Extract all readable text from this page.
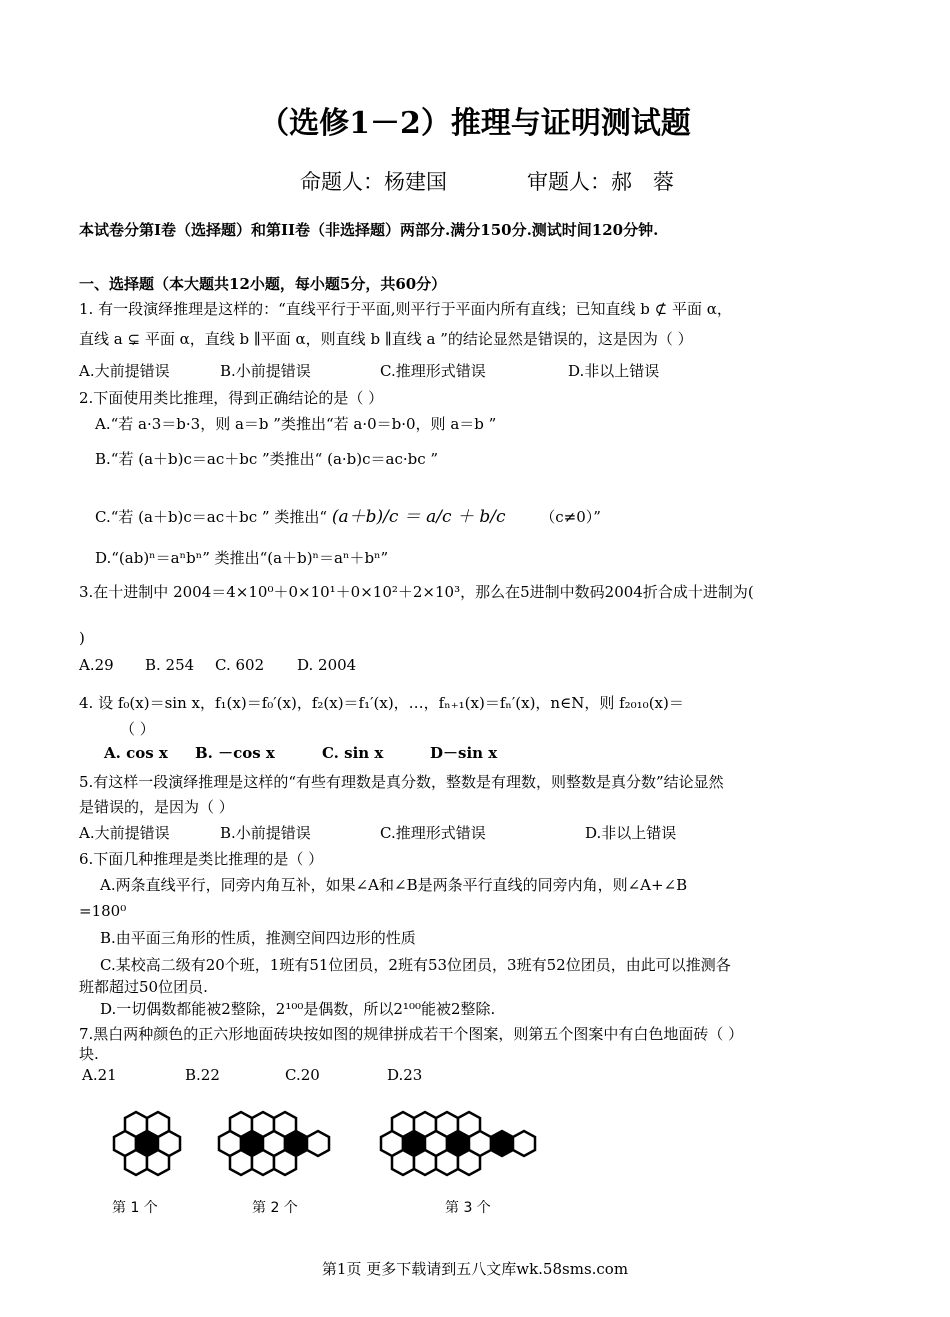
（选修1－2）推理与证明测试题
命题人：杨建国	审题人：郝　蓉
本试卷分第Ⅰ卷（选择题）和第II卷（非选择题）两部分.满分150分.测试时间120分钟.
一、选择题（本大题共12小题，每小题5分，共60分）
1. 有一段演绎推理是这样的：“直线平行于平面,则平行于平面内所有直线；已知直线 b ⊄ 平面 α，
直线 a ⊊ 平面 α，直线 b ∥平面 α，则直线 b ∥直线 a ”的结论显然是错误的，这是因为（ ）
A.大前提错误	B.小前提错误	C.推理形式错误	D.非以上错误
2.下面使用类比推理，得到正确结论的是（ ）
A.“若 a·3＝b·3，则 a＝b ”类推出“若 a·0＝b·0，则 a＝b ”
B.“若 (a＋b)c＝ac＋bc ”类推出“ (a·b)c＝ac·bc ”
C.“若 (a＋b)c＝ac＋bc ” 类推出“ (a＋b)/c ＝ a/c ＋ b/c （c≠0）”
D.“(ab)ⁿ＝aⁿbⁿ” 类推出“(a＋b)ⁿ＝aⁿ＋bⁿ”
3.在十进制中 2004＝4×10⁰＋0×10¹＋0×10²＋2×10³，那么在5进制中数码2004折合成十进制为(
)
A.29 B. 254 C. 602 D. 2004
4. 设 f₀(x)＝sin x，f₁(x)＝f₀′(x)，f₂(x)＝f₁′(x)，…，fₙ₊₁(x)＝fₙ′(x)，n∈N，则 f₂₀₁₀(x)＝
（ ）
A. cos x B. －cos x	C. sin x	D－sin x
5.有这样一段演绎推理是这样的“有些有理数是真分数，整数是有理数，则整数是真分数”结论显然
是错误的，是因为（ ）
A.大前提错误	B.小前提错误	C.推理形式错误	D.非以上错误
6.下面几种推理是类比推理的是（ ）
A.两条直线平行，同旁内角互补，如果∠A和∠B是两条平行直线的同旁内角，则∠A+∠B
=180⁰
B.由平面三角形的性质，推测空间四边形的性质
C.某校高二级有20个班，1班有51位团员，2班有53位团员，3班有52位团员，由此可以推测各
班都超过50位团员.
D.一切偶数都能被2整除，2¹⁰⁰是偶数，所以2¹⁰⁰能被2整除.
7.黑白两种颜色的正六形地面砖块按如图的规律拼成若干个图案，则第五个图案中有白色地面砖（ ）
块.
A.21	B.22	C.20	D.23
第 1 个	第 2 个	第 3 个
第1页 更多下载请到五八文库wk.58sms.com
